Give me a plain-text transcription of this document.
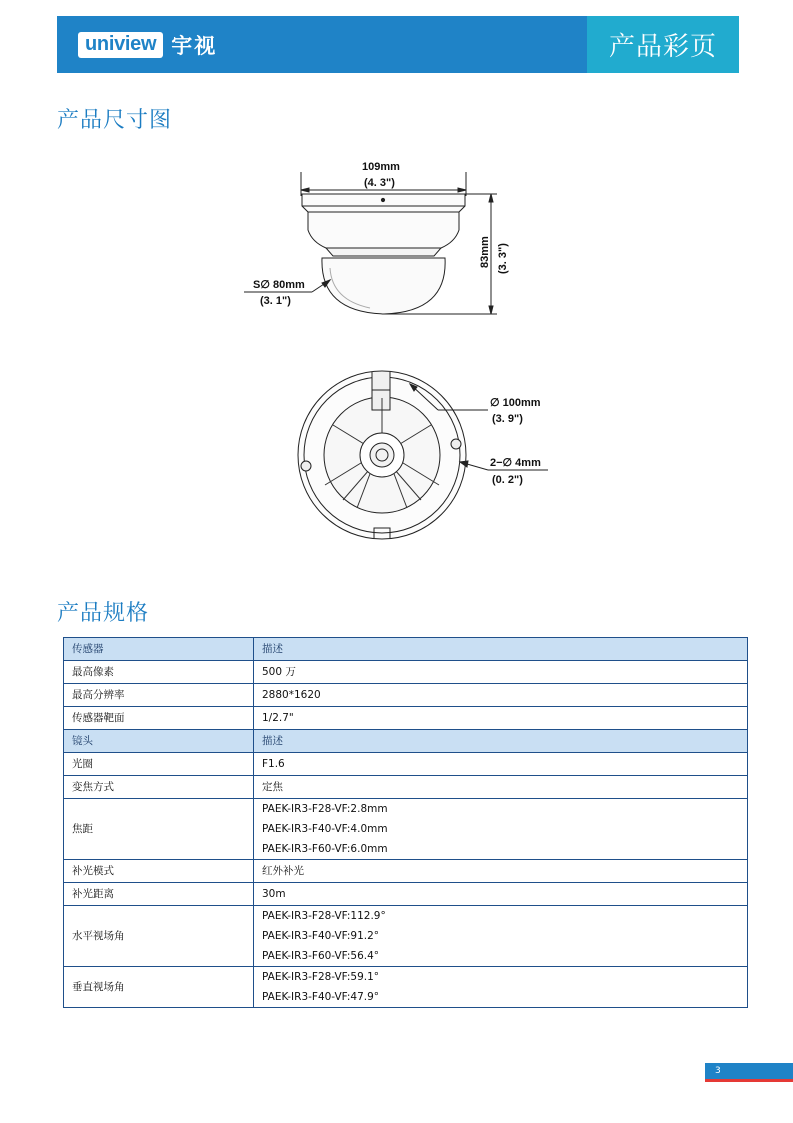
uniview 宇视	产品彩页
产品尺寸图
109mm
(4. 3")
S∅ 80mm
(3. 1")
83mm (3. 3")
∅ 100mm
(3. 9")
2−∅ 4mm
(0. 2")
产品规格
传感器	描述
最高像素	500 万
最高分辨率	2880*1620
传感器靶面	1/2.7"
镜头	描述
光圈	F1.6
变焦方式	定焦
焦距	PAEK-IR3-F28-VF:2.8mm
PAEK-IR3-F40-VF:4.0mm
PAEK-IR3-F60-VF:6.0mm

补光模式	红外补光
补光距离	30m
水平视场角	PAEK-IR3-F28-VF:112.9°
PAEK-IR3-F40-VF:91.2°
PAEK-IR3-F60-VF:56.4°

垂直视场角	PAEK-IR3-F28-VF:59.1°
PAEK-IR3-F40-VF:47.9°
3
